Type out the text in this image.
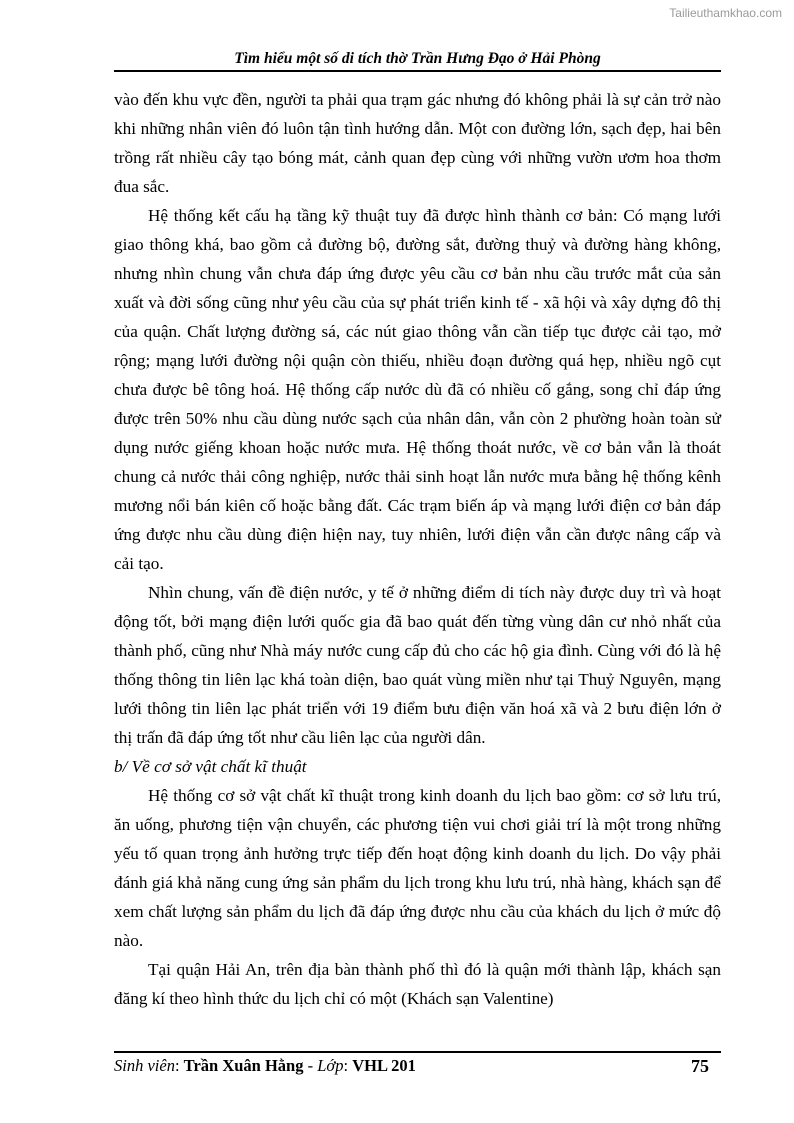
Tailieuthamkhao.com
Tìm hiểu một số di tích thờ Trần Hưng Đạo ở Hải Phòng

vào đến khu vực đền, người ta phải qua trạm gác nhưng đó không phải là sự cản trở nào khi những nhân viên đó luôn tận tình hướng dẫn. Một con đường lớn, sạch đẹp, hai bên trồng rất nhiều cây tạo bóng mát, cảnh quan đẹp cùng với những vườn ươm hoa thơm đua sắc.

Hệ thống kết cấu hạ tầng kỹ thuật tuy đã được hình thành cơ bản: Có mạng lưới giao thông khá, bao gồm cả đường bộ, đường sắt, đường thuỷ và đường hàng không, nhưng nhìn chung vẫn chưa đáp ứng được yêu cầu cơ bản nhu cầu trước mắt của sản xuất và đời sống cũng như yêu cầu của sự phát triển kinh tế - xã hội và xây dựng đô thị của quận. Chất lượng đường sá, các nút giao thông vẫn cần tiếp tục được cải tạo, mở rộng; mạng lưới đường nội quận còn thiếu, nhiều đoạn đường quá hẹp, nhiều ngõ cụt chưa được bê tông hoá. Hệ thống cấp nước dù đã có nhiều cố gắng, song chỉ đáp ứng được trên 50% nhu cầu dùng nước sạch của nhân dân, vẫn còn 2 phường hoàn toàn sử dụng nước giếng khoan hoặc nước mưa. Hệ thống thoát nước, về cơ bản vẫn là thoát chung cả nước thải công nghiệp, nước thải sinh hoạt lẫn nước mưa bằng hệ thống kênh mương nổi bán kiên cố hoặc bằng đất. Các trạm biến áp và mạng lưới điện cơ bản đáp ứng được nhu cầu dùng điện hiện nay, tuy nhiên, lưới điện vẫn cần được nâng cấp và cải tạo.

Nhìn chung, vấn đề điện nước, y tế ở những điểm di tích này được duy trì và hoạt động tốt, bởi mạng điện lưới quốc gia đã bao quát đến từng vùng dân cư nhỏ nhất của thành phố, cũng như Nhà máy nước cung cấp đủ cho các hộ gia đình. Cùng với đó là hệ thống thông tin liên lạc khá toàn diện, bao quát vùng miền như tại Thuỷ Nguyên, mạng lưới thông tin liên lạc phát triển với 19 điểm bưu điện văn hoá xã và 2 bưu điện lớn ở thị trấn đã đáp ứng tốt như cầu liên lạc của người dân.

b/ Về cơ sở vật chất kĩ thuật

Hệ thống cơ sở vật chất kĩ thuật trong kinh doanh du lịch bao gồm: cơ sở lưu trú, ăn uống, phương tiện vận chuyển, các phương tiện vui chơi giải trí là một trong những yếu tố quan trọng ảnh hưởng trực tiếp đến hoạt động kinh doanh du lịch. Do vậy phải đánh giá khả năng cung ứng sản phẩm du lịch trong khu lưu trú, nhà hàng, khách sạn để xem chất lượng sản phẩm du lịch đã đáp ứng được nhu cầu của khách du lịch ở mức độ nào.

Tại quận Hải An, trên địa bàn thành phố thì đó là quận mới thành lập, khách sạn đăng kí theo hình thức du lịch chỉ có một (Khách sạn Valentine)

Sinh viên: Trần Xuân Hằng - Lớp: VHL 201	75
